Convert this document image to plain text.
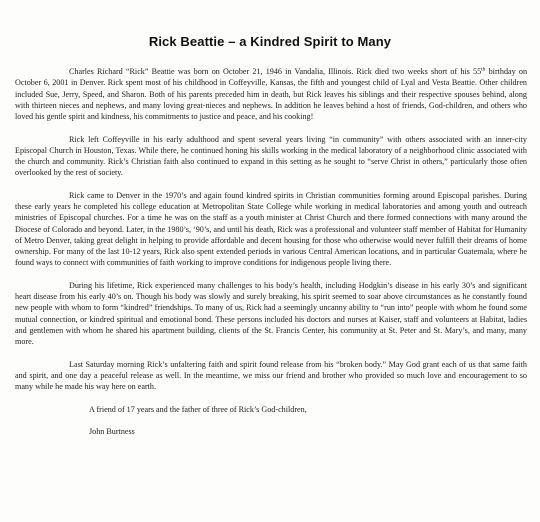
Rick Beattie – a Kindred Spirit to Many

Charles Richard “Rick” Beattie was born on October 21, 1946 in Vandalia, Illinois. Rick died two weeks short of his 55th birthday on October 6, 2001 in Denver. Rick spent most of his childhood in Coffeyville, Kansas, the fifth and youngest child of Lyal and Vesta Beattie. Other children included Sue, Jerry, Speed, and Sharon. Both of his parents preceded him in death, but Rick leaves his siblings and their respective spouses behind, along with thirteen nieces and nephews, and many loving great-nieces and nephews. In addition he leaves behind a host of friends, God-children, and others who loved his gentle spirit and kindness, his commitments to justice and peace, and his cooking!

Rick left Coffeyville in his early adulthood and spent several years living “in community” with others associated with an inner-city Episcopal Church in Houston, Texas. While there, he continued honing his skills working in the medical laboratory of a neighborhood clinic associated with the church and community. Rick’s Christian faith also continued to expand in this setting as he sought to “serve Christ in others,” particularly those often overlooked by the rest of society.

Rick came to Denver in the 1970’s and again found kindred spirits in Christian communities forming around Episcopal parishes. During these early years he completed his college education at Metropolitan State College while working in medical laboratories and among youth and outreach ministries of Episcopal churches. For a time he was on the staff as a youth minister at Christ Church and there formed connections with many around the Diocese of Colorado and beyond. Later, in the 1980’s, ‘90’s, and until his death, Rick was a professional and volunteer staff member of Habitat for Humanity of Metro Denver, taking great delight in helping to provide affordable and decent housing for those who otherwise would never fulfill their dreams of home ownership. For many of the last 10-12 years, Rick also spent extended periods in various Central American locations, and in particular Guatemala, where he found ways to connect with communities of faith working to improve conditions for indigenous people living there.

During his lifetime, Rick experienced many challenges to his body’s health, including Hodgkin’s disease in his early 30’s and significant heart disease from his early 40’s on. Though his body was slowly and surely breaking, his spirit seemed to soar above circumstances as he constantly found new people with whom to form “kindred” friendships. To many of us, Rick had a seemingly uncanny ability to “run into” people with whom he found some mutual connection, or kindred spiritual and emotional bond. These persons included his doctors and nurses at Kaiser, staff and volunteers at Habitat, ladies and gentlemen with whom he shared his apartment building, clients of the St. Francis Center, his community at St. Peter and St. Mary’s, and many, many more.

Last Saturday morning Rick’s unfaltering faith and spirit found release from his “broken body.” May God grant each of us that same faith and spirit, and one day a peaceful release as well. In the meantime, we miss our friend and brother who provided so much love and encouragement to so many while he made his way here on earth.

A friend of 17 years and the father of three of Rick’s God-children,

John Burtness
